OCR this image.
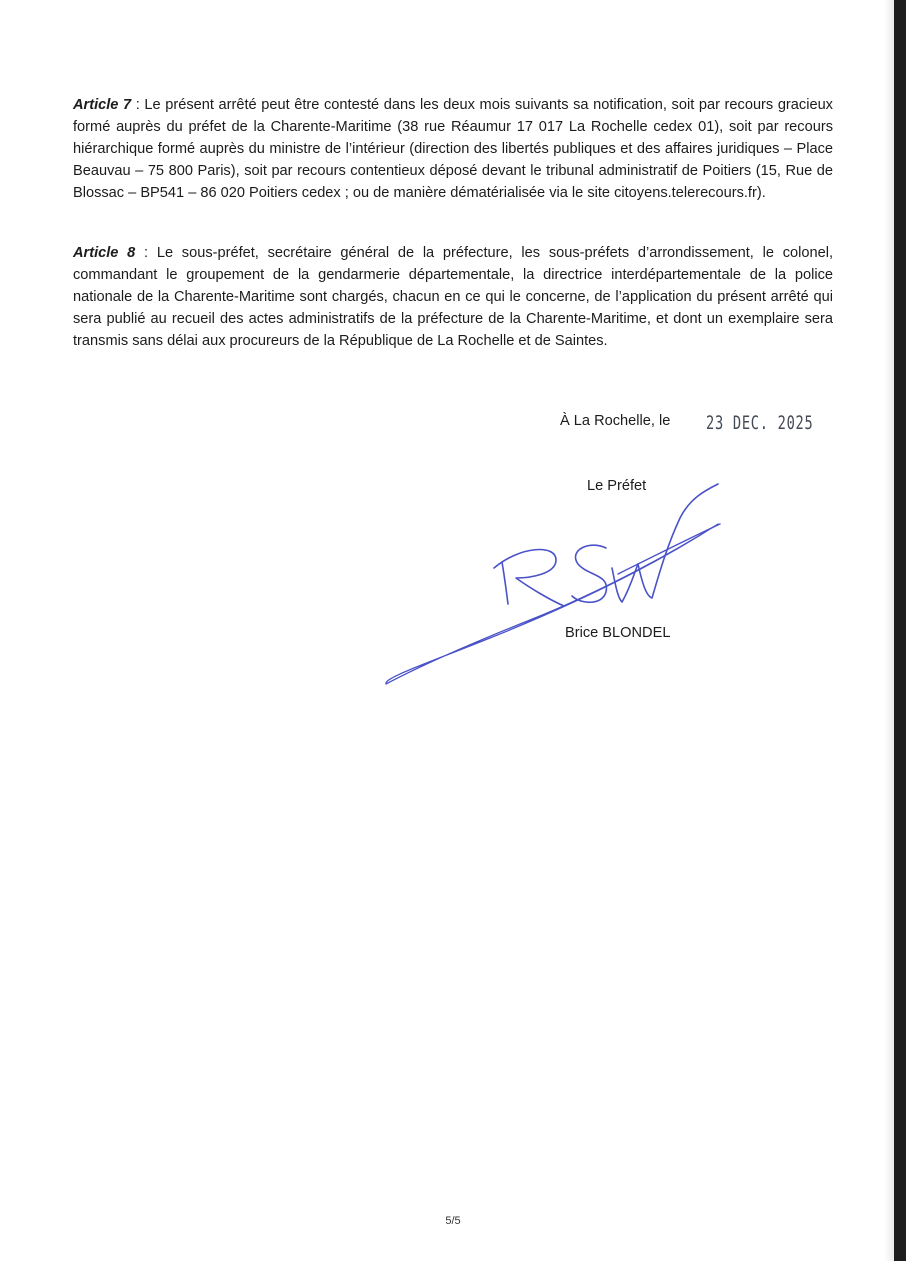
Article 7 : Le présent arrêté peut être contesté dans les deux mois suivants sa notification, soit par recours gracieux formé auprès du préfet de la Charente-Maritime (38 rue Réaumur 17 017 La Rochelle cedex 01), soit par recours hiérarchique formé auprès du ministre de l’intérieur (direction des libertés publiques et des affaires juridiques – Place Beauvau – 75 800 Paris), soit par recours contentieux déposé devant le tribunal administratif de Poitiers (15, Rue de Blossac – BP541 – 86 020 Poitiers cedex ; ou de manière dématérialisée via le site citoyens.telerecours.fr).

Article 8 : Le sous-préfet, secrétaire général de la préfecture, les sous-préfets d’arrondissement, le colonel, commandant le groupement de la gendarmerie départementale, la directrice interdépartementale de la police nationale de la Charente-Maritime sont chargés, chacun en ce qui le concerne, de l’application du présent arrêté qui sera publié au recueil des actes administratifs de la préfecture de la Charente-Maritime, et dont un exemplaire sera transmis sans délai aux procureurs de la République de La Rochelle et de Saintes.

À La Rochelle, le 23 DEC. 2025
Le Préfet
Brice BLONDEL
5/5
